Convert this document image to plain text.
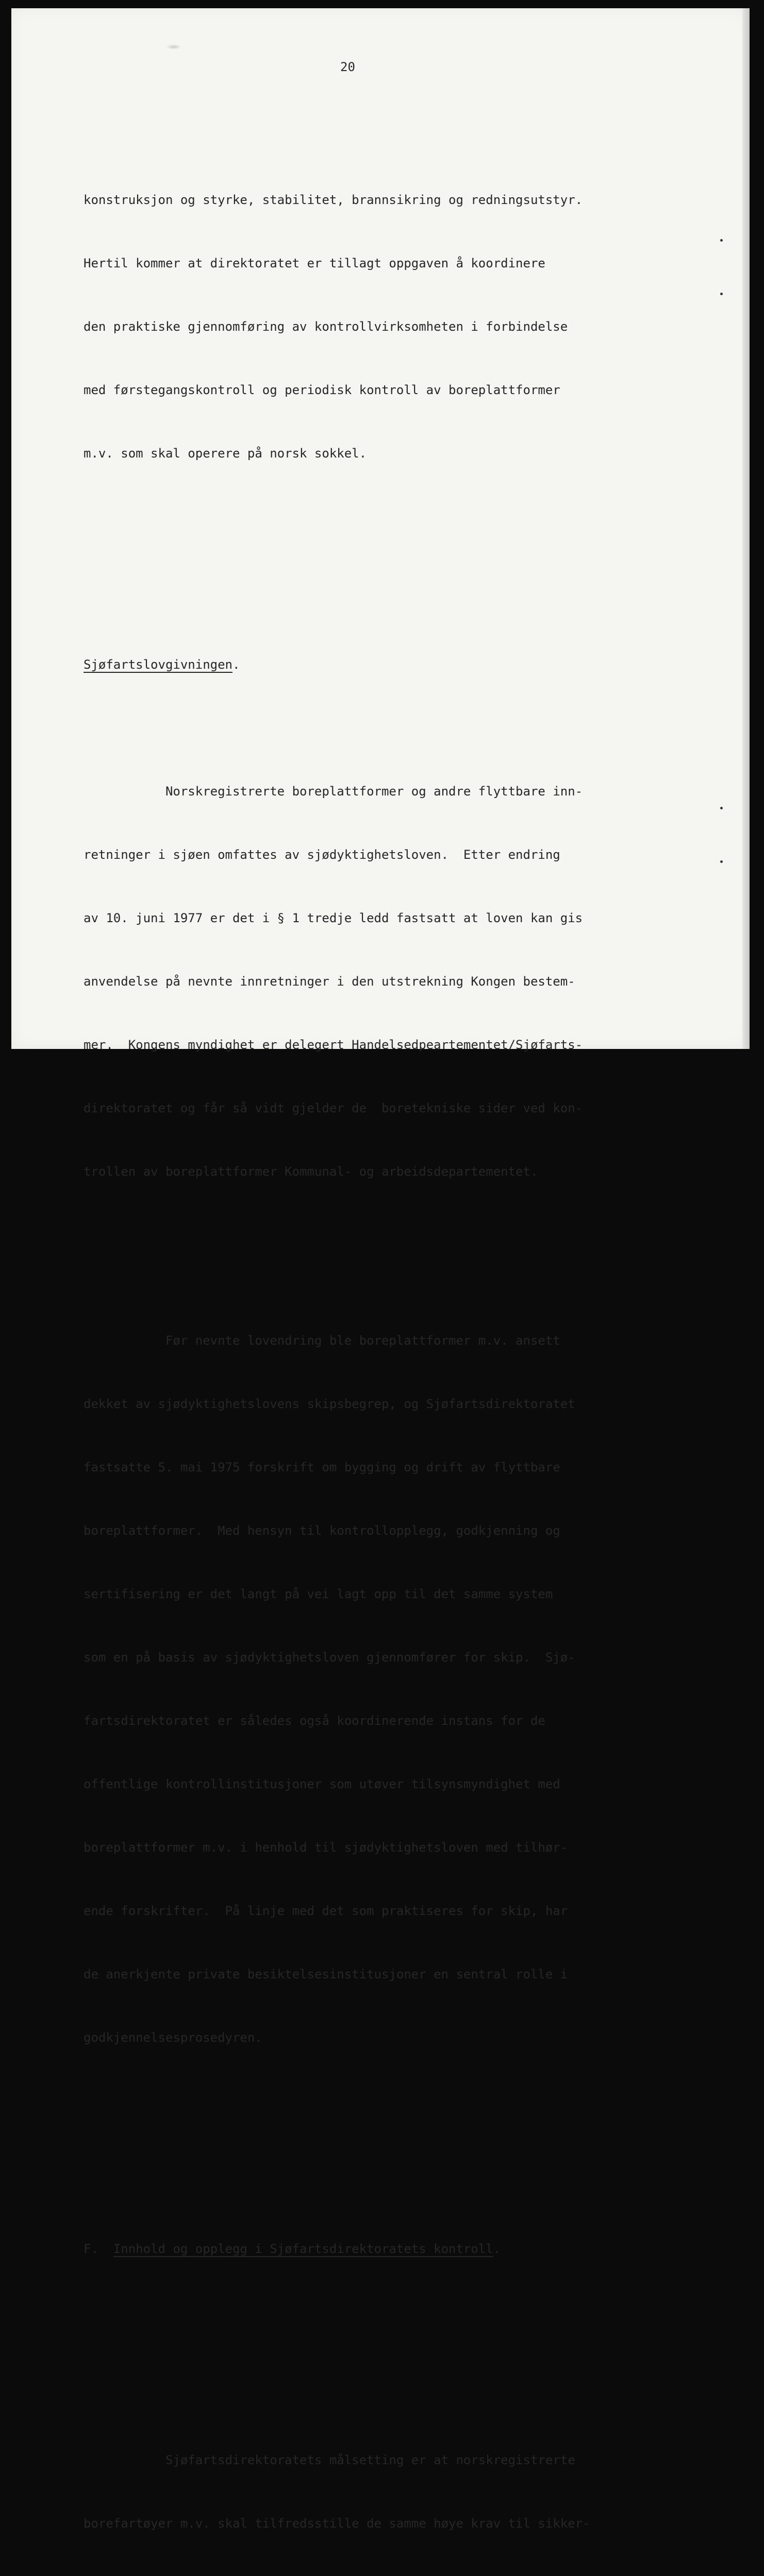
20

konstruksjon og styrke, stabilitet, brannsikring og redningsutstyr.

Hertil kommer at direktoratet er tillagt oppgaven å koordinere

den praktiske gjennomføring av kontrollvirksomheten i forbindelse

med førstegangskontroll og periodisk kontroll av boreplattformer

m.v. som skal operere på norsk sokkel.

Sjøfartslovgivningen.

Norskregistrerte boreplattformer og andre flyttbare inn-

retninger i sjøen omfattes av sjødyktighetsloven.  Etter endring

av 10. juni 1977 er det i § 1 tredje ledd fastsatt at loven kan gis

anvendelse på nevnte innretninger i den utstrekning Kongen bestem-

mer.  Kongens myndighet er delegert Handelsedpeartementet/Sjøfarts-

direktoratet og får så vidt gjelder de  boretekniske sider ved kon-

trollen av boreplattformer Kommunal- og arbeidsdepartementet.

Før nevnte lovendring ble boreplattformer m.v. ansett

dekket av sjødyktighetslovens skipsbegrep, og Sjøfartsdirektoratet

fastsatte 5. mai 1975 forskrift om bygging og drift av flyttbare

boreplattformer.  Med hensyn til kontrollopplegg, godkjenning og

sertifisering er det langt på vei lagt opp til det samme system

som en på basis av sjødyktighetsloven gjennomfører for skip.  Sjø-

fartsdirektoratet er således også koordinerende instans for de

offentlige kontrollinstitusjoner som utøver tilsynsmyndighet med

boreplattformer m.v. i henhold til sjødyktighetsloven med tilhør-

ende forskrifter.  På linje med det som praktiseres for skip, har

de anerkjente private besiktelsesinstitusjoner en sentral rolle i

godkjennelsesprosedyren.

F.  Innhold og opplegg i Sjøfartsdirektoratets kontroll.

Sjøfartsdirektoratets målsetting er at norskregistrerte

borefartøyer m.v. skal tilfredsstille de samme høye krav til sikker-
